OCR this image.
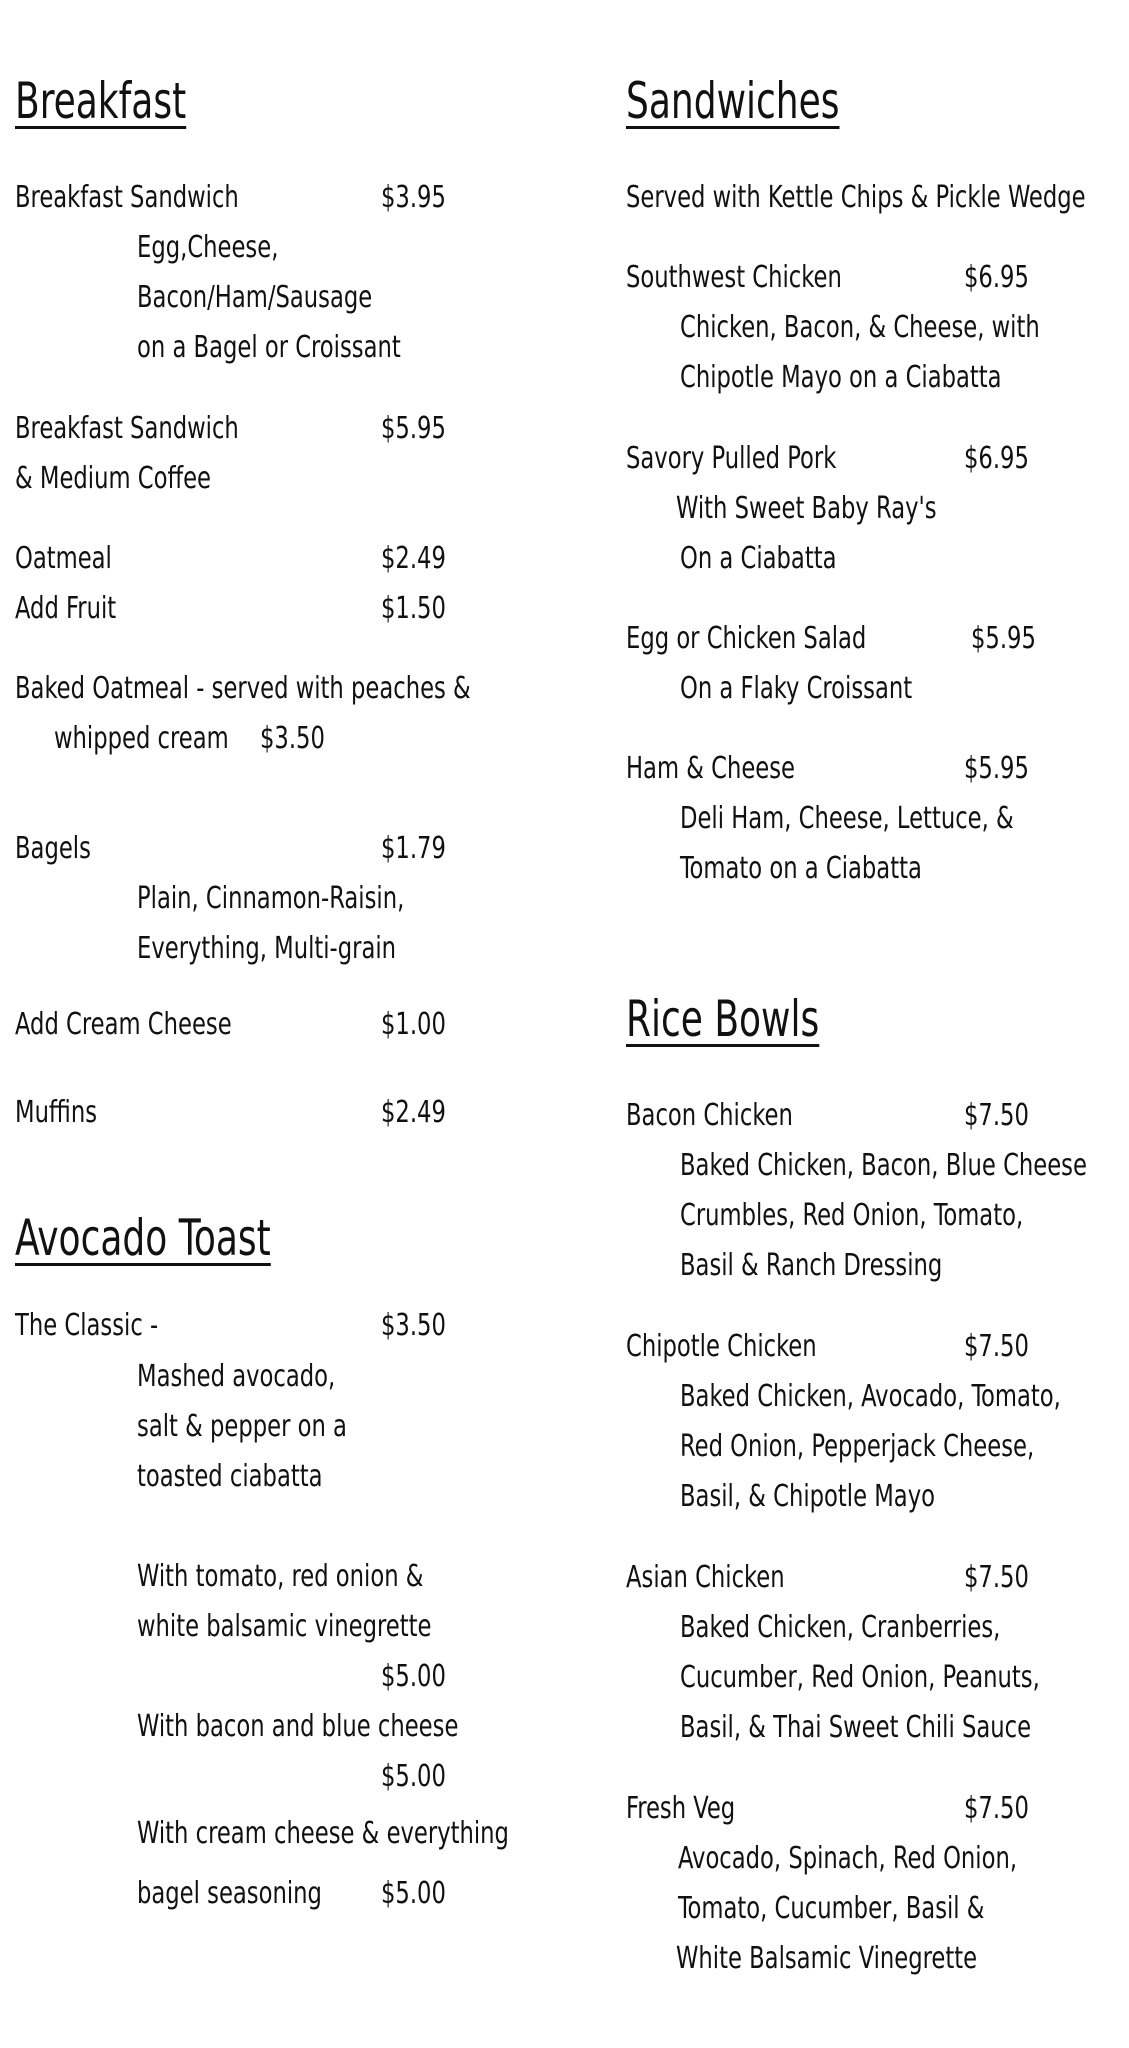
Breakfast
Breakfast Sandwich	$3.95
Egg,Cheese,
Bacon/Ham/Sausage
on a Bagel or Croissant
Breakfast Sandwich	$5.95
& Medium Coffee
Oatmeal	$2.49
Add Fruit	$1.50
Baked Oatmeal - served with peaches &
whipped cream $3.50
Bagels	$1.79
Plain, Cinnamon-Raisin,
Everything, Multi-grain
Add Cream Cheese	$1.00
Muffins	$2.49
Avocado Toast
The Classic -	$3.50
Mashed avocado,
salt & pepper on a
toasted ciabatta
With tomato, red onion &
white balsamic vinegrette
$5.00
With bacon and blue cheese
$5.00
With cream cheese & everything
bagel seasoning $5.00
Sandwiches
Served with Kettle Chips & Pickle Wedge
Southwest Chicken	$6.95
Chicken, Bacon, & Cheese, with
Chipotle Mayo on a Ciabatta
Savory Pulled Pork	$6.95
With Sweet Baby Ray's
On a Ciabatta
Egg or Chicken Salad	$5.95
On a Flaky Croissant
Ham & Cheese	$5.95
Deli Ham, Cheese, Lettuce, &
Tomato on a Ciabatta
Rice Bowls
Bacon Chicken	$7.50
Baked Chicken, Bacon, Blue Cheese
Crumbles, Red Onion, Tomato,
Basil & Ranch Dressing
Chipotle Chicken	$7.50
Baked Chicken, Avocado, Tomato,
Red Onion, Pepperjack Cheese,
Basil, & Chipotle Mayo
Asian Chicken	$7.50
Baked Chicken, Cranberries,
Cucumber, Red Onion, Peanuts,
Basil, & Thai Sweet Chili Sauce
Fresh Veg	$7.50
Avocado, Spinach, Red Onion,
Tomato, Cucumber, Basil &
White Balsamic Vinegrette
